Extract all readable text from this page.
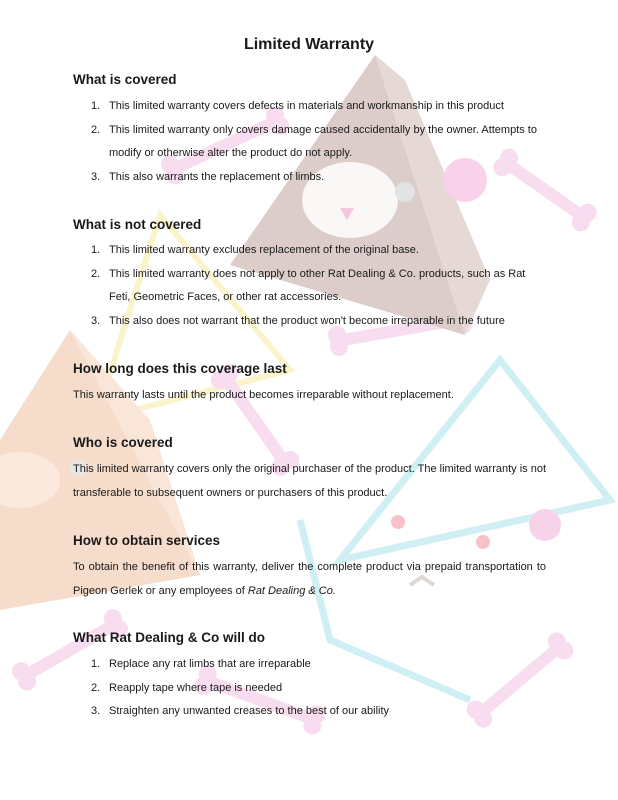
Limited Warranty
What is covered
1. This limited warranty covers defects in materials and workmanship in this product
2. This limited warranty only covers damage caused accidentally by the owner. Attempts to modify or otherwise alter the product do not apply.
3. This also warrants the replacement of limbs.
What is not covered
1. This limited warranty excludes replacement of the original base.
2. This limited warranty does not apply to other Rat Dealing & Co. products, such as Rat Feti, Geometric Faces, or other rat accessories.
3. This also does not warrant that the product won't become irreparable in the future
How long does this coverage last

This warranty lasts until the product becomes irreparable without replacement.

Who is covered

This limited warranty covers only the original purchaser of the product. The limited warranty is not transferable to subsequent owners or purchasers of this product.

How to obtain services

To obtain the benefit of this warranty, deliver the complete product via prepaid transportation to Pigeon Gerlek or any employees of Rat Dealing & Co.

What Rat Dealing & Co will do
1. Replace any rat limbs that are irreparable
2. Reapply tape where tape is needed
3. Straighten any unwanted creases to the best of our ability
